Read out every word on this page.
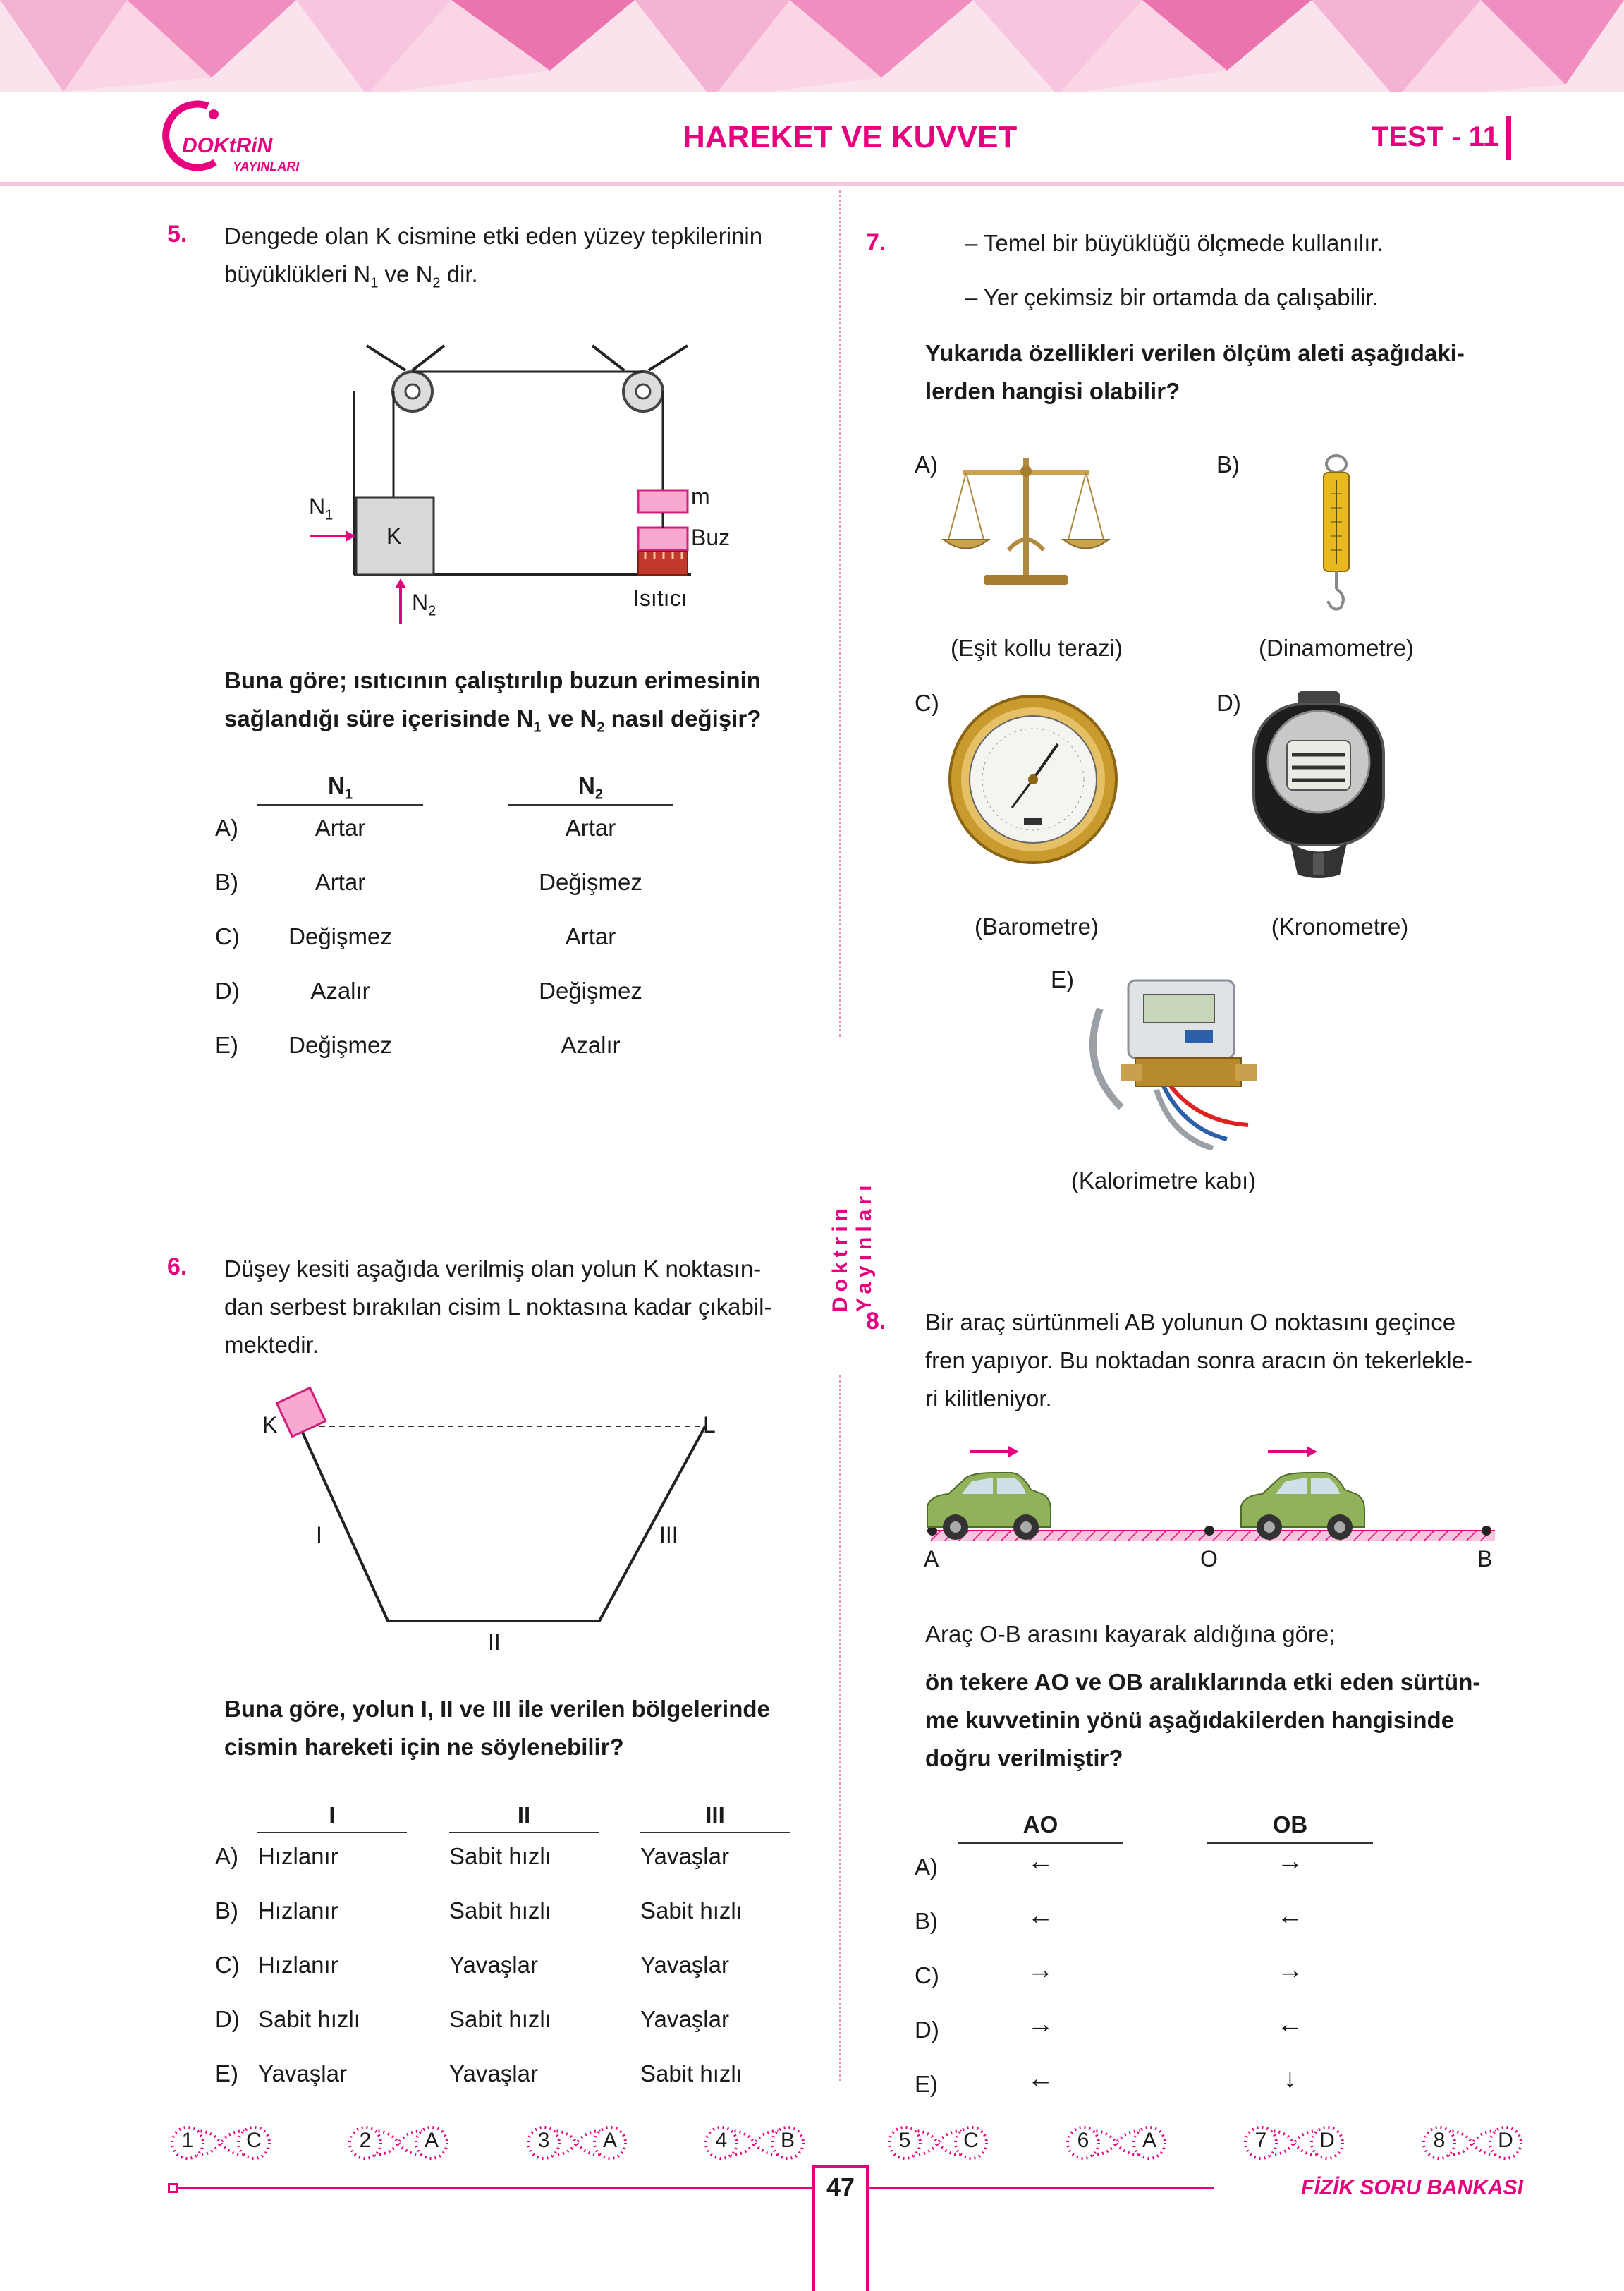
DOKtRiN
YAYINLARI
HAREKET VE KUVVET	TEST - 11
Doktrin Yayınları
5. Dengede olan K cismine etki eden yüzey tepkilerinin
büyüklükleri $N_1$ ve $N_2$ dir.
$N_1$
K
$N_2$
m
Buz
Isıtıcı
Buna göre; ısıtıcının çalıştırılıp buzun erimesinin
sağlandığı süre içerisinde $N_1$ ve $N_2$ nasıl değişir?
$N_1$	$N_2$
A)	Artar	Artar
B)	Artar	Değişmez
C)	Değişmez	Artar
D)	Azalır	Değişmez
E)	Değişmez	Azalır
6. Düşey kesiti aşağıda verilmiş olan yolun K noktasın-
dan serbest bırakılan cisim L noktasına kadar çıkabil-
mektedir.
K	L
I
II
III
Buna göre, yolun I, II ve III ile verilen bölgelerinde
cismin hareketi için ne söylenebilir?
I	II	III
A) Hızlanır	Sabit hızlı	Yavaşlar
B) Hızlanır	Sabit hızlı	Sabit hızlı
C) Hızlanır	Yavaşlar	Yavaşlar
D) Sabit hızlı	Sabit hızlı	Yavaşlar
E) Yavaşlar	Yavaşlar	Sabit hızlı
7.	– Temel bir büyüklüğü ölçmede kullanılır.
– Yer çekimsiz bir ortamda da çalışabilir.
Yukarıda özellikleri verilen ölçüm aleti aşağıdaki-
lerden hangisi olabilir?
A)
(Eşit kollu terazi)
B)
(Dinamometre)
C)
(Barometre)
D)
(Kronometre)
E)
(Kalorimetre kabı)
8. Bir araç sürtünmeli AB yolunun O noktasını geçince
fren yapıyor. Bu noktadan sonra aracın ön tekerlekle-
ri kilitleniyor.
A	O	B
Araç O-B arasını kayarak aldığına göre;
ön tekere AO ve OB aralıklarında etki eden sürtün-
me kuvvetinin yönü aşağıdakilerden hangisinde
doğru verilmiştir?
AO	OB
A)	←	→
B)	←	←
C)	→	→
D)	→	←
E)	←	↓
1	C	2	A	3	A	4	B	5	C	6	A	7	D	8	D
47	FİZİK SORU BANKASI
